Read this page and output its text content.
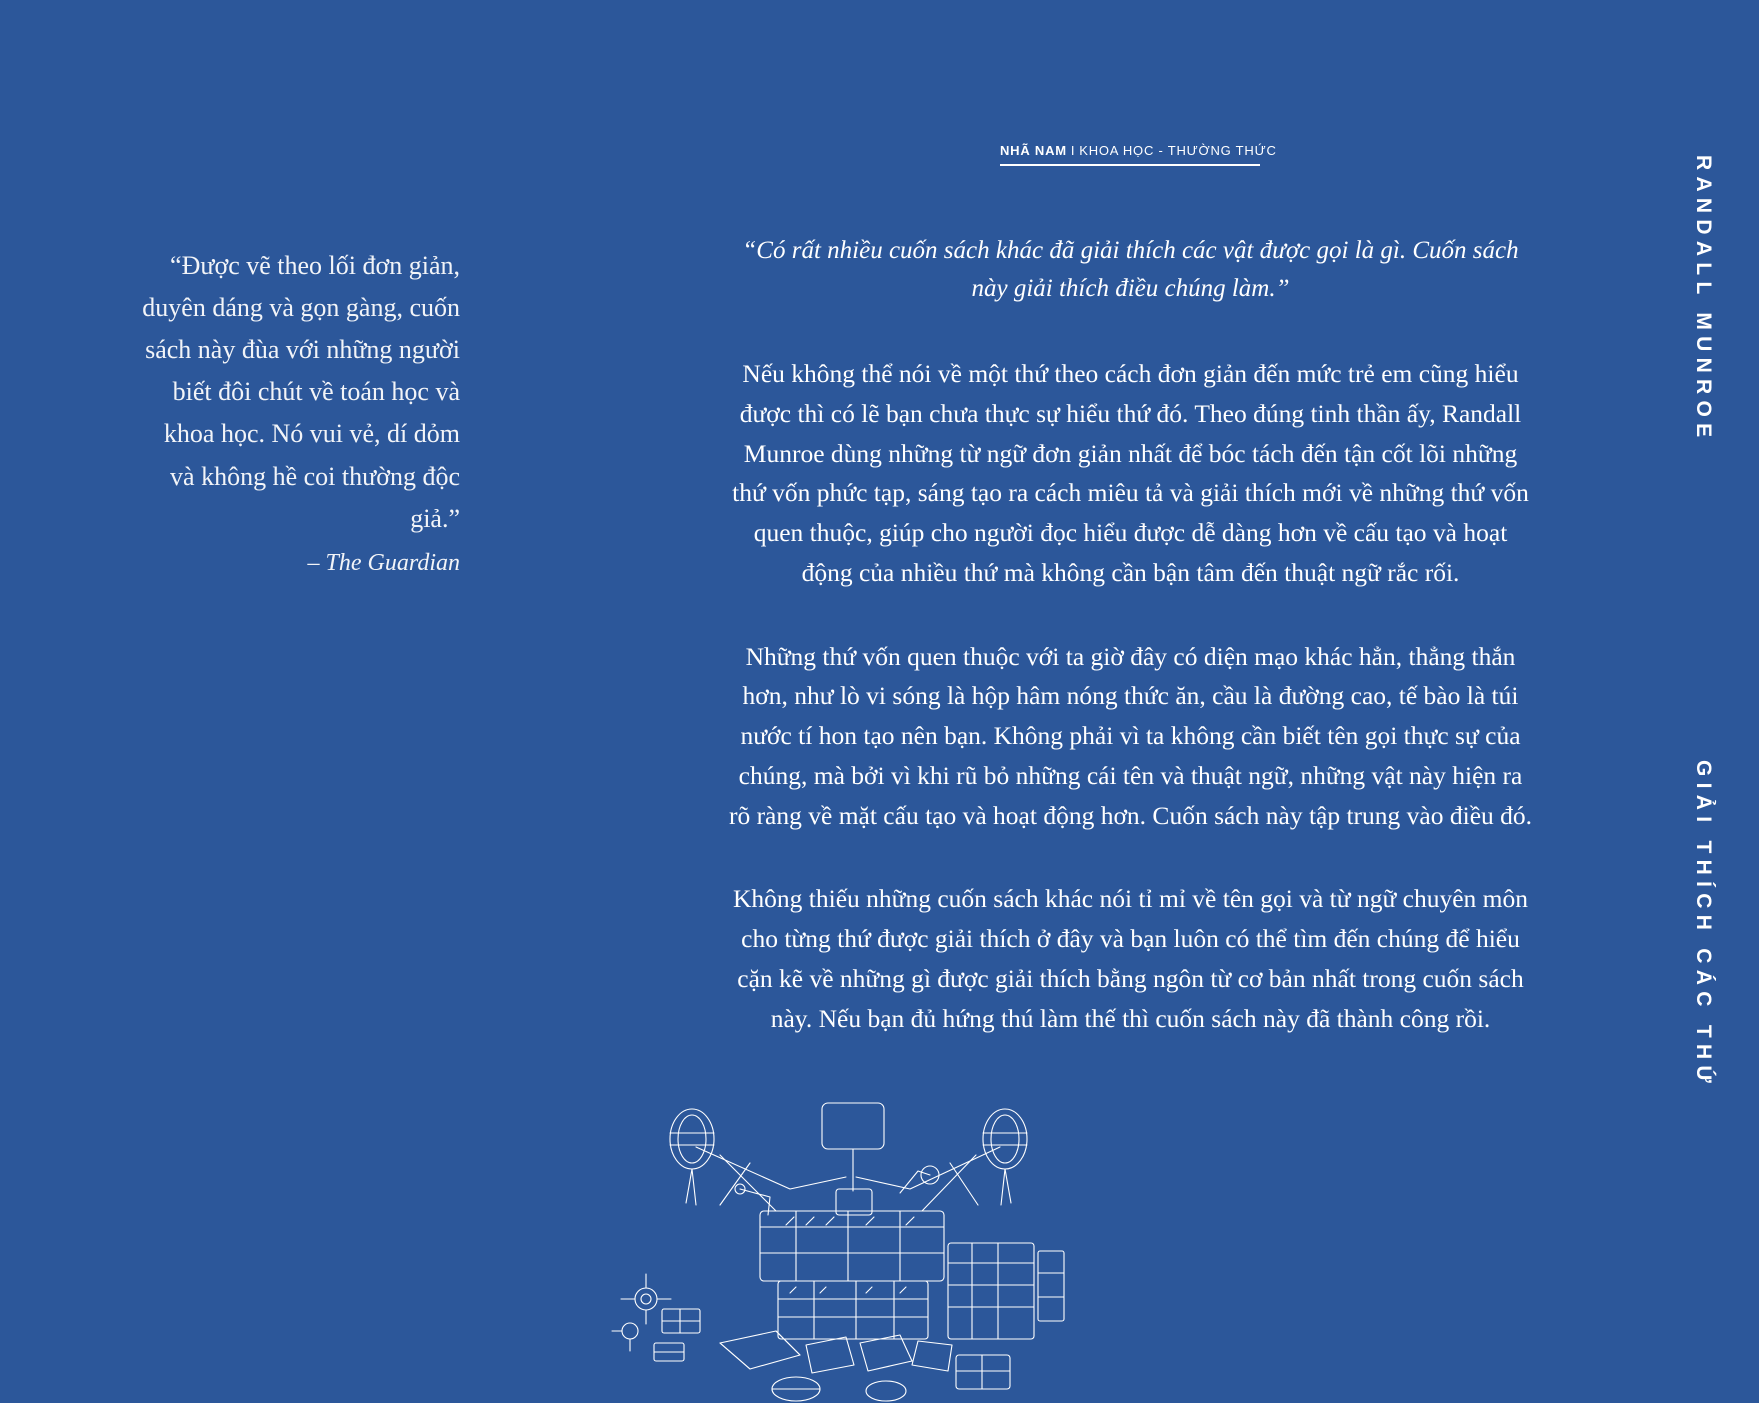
“Được vẽ theo lối đơn giản, duyên dáng và gọn gàng, cuốn sách này đùa với những người biết đôi chút về toán học và khoa học. Nó vui vẻ, dí dỏm và không hề coi thường độc giả.”
– The Guardian
NHÃ NAM I KHOA HỌC - THƯỜNG THỨC

“Có rất nhiều cuốn sách khác đã giải thích các vật được gọi là gì. Cuốn sách này giải thích điều chúng làm.”

Nếu không thể nói về một thứ theo cách đơn giản đến mức trẻ em cũng hiểu được thì có lẽ bạn chưa thực sự hiểu thứ đó. Theo đúng tinh thần ấy, Randall Munroe dùng những từ ngữ đơn giản nhất để bóc tách đến tận cốt lõi những thứ vốn phức tạp, sáng tạo ra cách miêu tả và giải thích mới về những thứ vốn quen thuộc, giúp cho người đọc hiểu được dễ dàng hơn về cấu tạo và hoạt động của nhiều thứ mà không cần bận tâm đến thuật ngữ rắc rối.

Những thứ vốn quen thuộc với ta giờ đây có diện mạo khác hẳn, thẳng thắn hơn, như lò vi sóng là hộp hâm nóng thức ăn, cầu là đường cao, tế bào là túi nước tí hon tạo nên bạn. Không phải vì ta không cần biết tên gọi thực sự của chúng, mà bởi vì khi rũ bỏ những cái tên và thuật ngữ, những vật này hiện ra rõ ràng về mặt cấu tạo và hoạt động hơn. Cuốn sách này tập trung vào điều đó.

Không thiếu những cuốn sách khác nói tỉ mỉ về tên gọi và từ ngữ chuyên môn cho từng thứ được giải thích ở đây và bạn luôn có thể tìm đến chúng để hiểu cặn kẽ về những gì được giải thích bằng ngôn từ cơ bản nhất trong cuốn sách này. Nếu bạn đủ hứng thú làm thế thì cuốn sách này đã thành công rồi.

RANDALL MUNROE
GIẢI THÍCH CÁC THỨ
